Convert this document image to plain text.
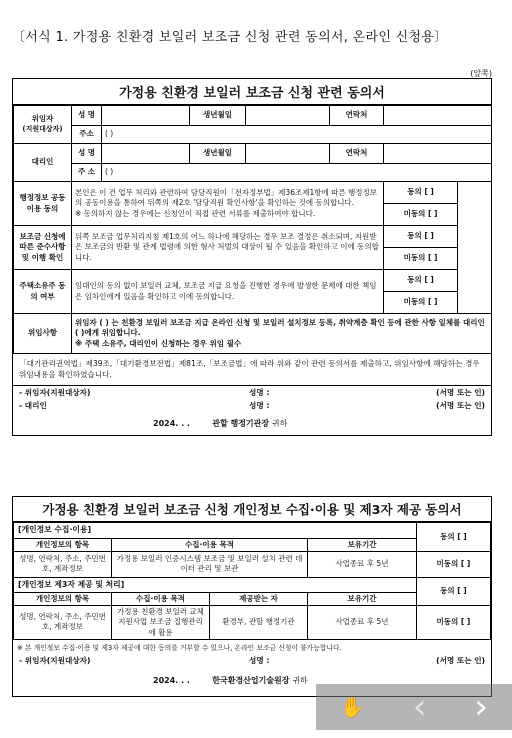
〔서식 1. 가정용 친환경 보일러 보조금 신청 관련 동의서, 온라인 신청용〕
(앞쪽)
가정용 친환경 보일러 보조금 신청 관련 동의서
위임자
(지원대상자)	성 명		생년월일		연락처	
	주소	( )				
대리인	성 명		생년월일		연락처	
	주 소	( )				
행정정보 공동이용 동의	본인은 이 건 업무 처리와 관련하여 담당직원이「전자정부법」제36조제1항에 따른 행정정보의 공동이용을 통하여 뒤쪽의 제2호 '담당직원 확인사항'을 확인하는 것에 동의합니다.
※ 동의하지 않는 경우에는 신청인이 직접 관련 서류를 제출하여야 합니다.					동의 [ ]
						미동의 [ ]
보조금 신청에 따른 준수사항 및 이행 확인	뒤쪽 보조금 업무처리지침 제1호의 어느 하나에 해당하는 경우 보조 결정은 취소되며, 지원받은 보조금의 반환 및 관계 법령에 의한 형사 처벌의 대상이 될 수 있음을 확인하고 이에 동의합니다.					동의 [ ]
						미동의 [ ]
주택소유주 동의 여부	임대인의 동의 없이 보일러 교체, 보조금 지급 요청을 진행한 경우에 발생한 문제에 대한 책임은 임차인에게 있음을 확인하고 이에 동의합니다.					동의 [ ]
						미동의 [ ]
위임사항	위임자 ( ) 는 친환경 보일러 보조금 지급 온라인 신청 및 보일러 설치정보 등록, 취약계층 확인 등에 관한 사항 일체를 대리인 ( )에게 위임합니다.
※ 주택 소유주, 대리인이 신청하는 경우 위임 필수					
「대기관리권역법」제39조,「대기환경보전법」제81조,「보조금법」에 따라 위와 같이 관련 동의서를 제출하고, 위임사항에 해당하는 경우 위임내용을 확인하였습니다.
- 위임자(지원대상자)	성명 :	(서명 또는 인)
- 대리인	성명 :	(서명 또는 인)
2024. . .	관할 행정기관장 귀하
가정용 친환경 보일러 보조금 신청 개인정보 수집·이용 및 제3자 제공 동의서
[개인정보 수집·이용]				동의 [ ]
개인정보의 항목	수집·이용 목적		보유기간	
성명, 연락처, 주소, 주민번호, 계좌정보	가정용 보일러 인증시스템 보조금 및 보일러 설치 관련 데이터 관리 및 보관		사업종료 후 5년	미동의 [ ]
[개인정보 제3자 제공 및 처리]				동의 [ ]
개인정보의 항목	수집·이용 목적	제공받는 자	보유기간	
성명, 연락처, 주소, 주민번호, 계좌정보	가정용 친환경 보일러 교체 지원사업 보조금 집행관리에 활용	환경부, 관할 행정기관	사업종료 후 5년	미동의 [ ]
※ 본 개인정보 수집·이용 및 제3자 제공에 대한 동의를 거부할 수 있으나, 온라인 보조금 신청이 불가능합니다.
- 위임자(지원대상자)	성명 :	(서명 또는 인)
2024. . .	한국환경산업기술원장 귀하
✋ ‹ ›
